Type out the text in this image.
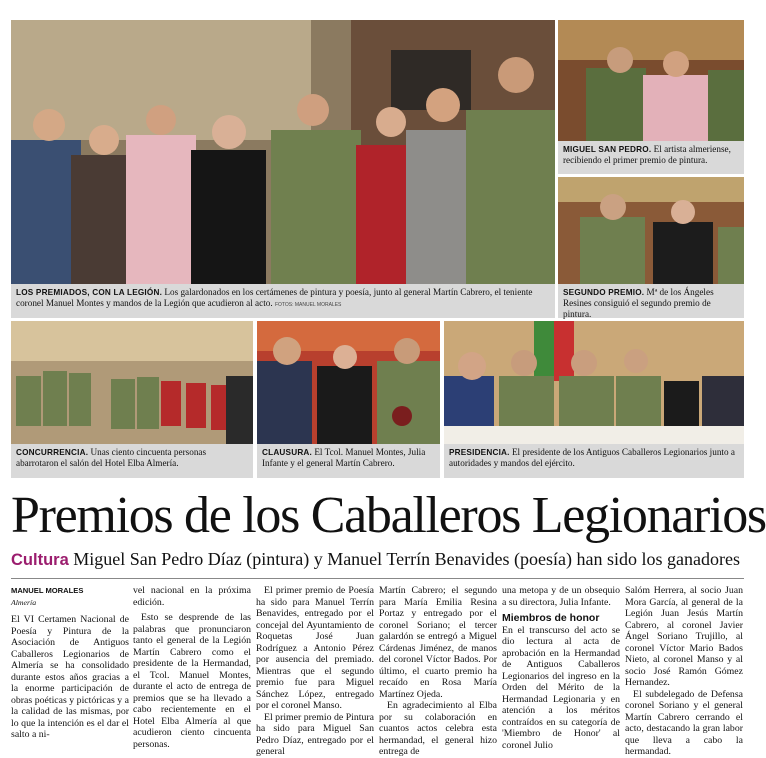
LOS PREMIADOS, CON LA LEGIÓN. Los galardonados en los certámenes de pintura y poesía, junto al general Martín Cabrero, el teniente coronel Manuel Montes y mandos de la Legión que acudieron al acto. FOTOS: MANUEL MORALES
MIGUEL SAN PEDRO. El artista almeriense, recibiendo el primer premio de pintura.
SEGUNDO PREMIO. Mª de los Ángeles Resines consiguió el segundo premio de pintura.
CONCURRENCIA. Unas ciento cincuenta personas abarrotaron el salón del Hotel Elba Almería.
CLAUSURA. El Tcol. Manuel Montes, Julia Infante y el general Martín Cabrero.
PRESIDENCIA. El presidente de los Antiguos Caballeros Legionarios junto a autoridades y mandos del ejército.
Premios de los Caballeros Legionarios
Cultura Miguel San Pedro Díaz (pintura) y Manuel Terrín Benavides (poesía) han sido los ganadores
MANUEL MORALES
Almería

El VI Certamen Nacional de Poesía y Pintura de la Asociación de Antiguos Caballeros Legionarios de Almería se ha consolidado durante estos años gracias a la enorme participación de obras poéticas y pictóricas y a la calidad de las mismas, por lo que la intención es el dar el salto a ni-

vel nacional en la próxima edición.

Esto se desprende de las palabras que pronunciaron tanto el general de la Legión Martín Cabrero como el presidente de la Hermandad, el Tcol. Manuel Montes, durante el acto de entrega de premios que se ha llevado a cabo recientemente en el Hotel Elba Almería al que acudieron ciento cincuenta personas.

El primer premio de Poesía ha sido para Manuel Terrín Benavides, entregado por el concejal del Ayuntamiento de Roquetas José Juan Rodríguez a Antonio Pérez por ausencia del premiado. Mientras que el segundo premio fue para Miguel Sánchez López, entregado por el coronel Manso.

El primer premio de Pintura ha sido para Miguel San Pedro Díaz, entregado por el general

Martín Cabrero; el segundo para María Emilia Resina Portaz y entregado por el coronel Soriano; el tercer galardón se entregó a Miguel Cárdenas Jiménez, de manos del coronel Víctor Bados. Por último, el cuarto premio ha recaído en Rosa María Martínez Ojeda.

En agradecimiento al Elba por su colaboración en cuantos actos celebra esta hermandad, el general hizo entrega de

una metopa y de un obsequio a su directora, Julia Infante.

Miembros de honor

En el transcurso del acto se dio lectura al acta de aprobación en la Hermandad de Antiguos Caballeros Legionarios del ingreso en la Orden del Mérito de la Hermandad Legionaria y en atención a los méritos contraídos en su categoría de 'Miembro de Honor' al coronel Julio

Salóm Herrera, al socio Juan Mora García, al general de la Legión Juan Jesús Martín Cabrero, al coronel Javier Ángel Soriano Trujillo, al coronel Víctor Mario Bados Nieto, al coronel Manso y al socio José Ramón Gómez Hernandez.

El subdelegado de Defensa coronel Soriano y el general Martín Cabrero cerrando el acto, destacando la gran labor que lleva a cabo la hermandad.
